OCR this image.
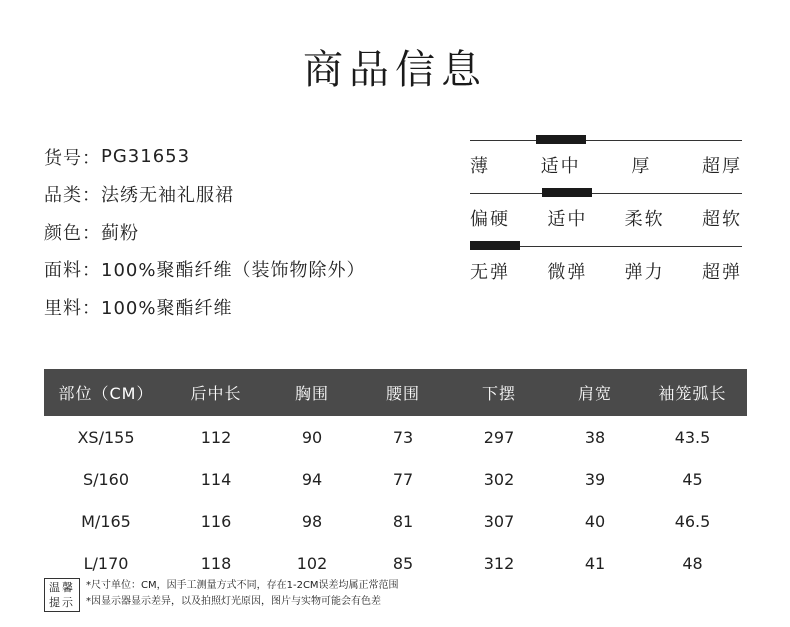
商品信息
货号： PG31653
品类： 法绣无袖礼服裙
颜色： 蓟粉
面料： 100%聚酯纤维（装饰物除外）
里料： 100%聚酯纤维
薄	适中	厚	超厚
偏硬 适中 柔软 超软
无弹 微弹 弹力 超弹
部位（CM）	后中长	胸围	腰围	下摆	肩宽	袖笼弧长
XS/155	112	90	73	297	38	43.5
S/160	114	94	77	302	39	45
M/165	116	98	81	307	40	46.5
L/170	118	102	85	312	41	48
温馨
提示
*尺寸单位：CM，因手工测量方式不同，存在1-2CM误差均属正常范围
*因显示器显示差异，以及拍照灯光原因，图片与实物可能会有色差
